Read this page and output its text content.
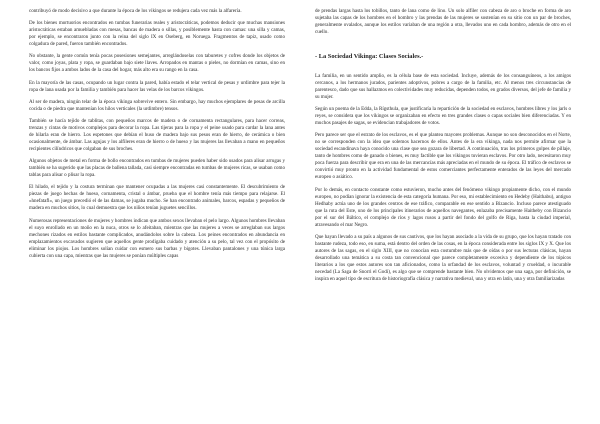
contribuyó de modo decisivo a que durante la época de los vikingos se redujera cada vez más la alfarería.

De los bienes mortuorios encontrados en tumbas funerarias reales y aristocráticas, podemos deducir que muchas mansiones aristocráticas estaban amuebladas con mesas, bancas de madera o sillas, y posiblemente hasta con camas: una silla y camas, por ejemplo, se encontraron junto con la reina del siglo IX en Oseberg, en Noruega. Fragmentos de tapiz, usado como colgadura de pared, fueron también encontrados.

No obstante, la gente común tenía pocas posesiones semejantes, arreglándoselas con taburetes y cofres donde los objetos de valor, como joyas, plata y ropa, se guardaban bajo siete llaves. Arropados en mantas o pieles, no dormían en camas, sino en los bancos fijos a ambos lados de la casa del hogar, más alto era su rango en la casa.

En la mayoría de las casas, ocupando un lugar contra la pared, había estado el telar vertical de pesas y urdimbre para tejer la ropa de lana usada por la familia y también para hacer las velas de los barcos vikingos.

Al ser de madera, ningún telar de la época vikinga sobrevive entero. Sin embargo, hay muchos ejemplares de pesas de arcilla cocida o de piedra que mantenían los hilos verticales (la urdimbre) tensos.

También se hacía tejido de tablitas, con pequeños marcos de madera o de cornamenta rectangulares, para hacer correas, trenzas y cintas de motivos complejos para decorar la ropa. Las tijeras para la ropa y el peine usado para cardar la lana antes de hilarla eran de hierro. Los espetones que debían el huso de madera bajo sus pesos eran de hierro, de cerámica o bien ocasionalmente, de ámbar. Las agujas y los alfileres eran de hierro o de hueso y las mujeres las llevaban a mano en pequeños recipientes cilíndricos que colgaban de sus broches.

Algunos objetos de metal en forma de bollo encontrados en tumbas de mujeres pueden haber sido usados para alisar arrugas y también se ha sugerido que las placas de ballena tallada, casi siempre encontradas en tumbas de mujeres ricas, se usaban como tablas para alisar o plisar la ropa.

El hilado, el tejido y la costura terminan que mantener ocupadas a las mujeres casi constantemente. El descubrimiento de piezas de juego hechas de hueso, cornamenta, cristal o ámbar, prueba que el hombre tenía más tiempo para relajarse. El «hnefatafl», un juego precedió el de las damas, se jugaba mucho. Se han encontrado animales, barcos, espadas y pequeños de madera en muchos sitios, lo cual demuestra que los niños tenían juguetes sencillos.

Numerosas representaciones de mujeres y hombres indican que ambos sexos llevaban el pelo largo. Algunos hombres llevaban el suyo enrollado en un moño en la nuca, otros se lo afeitaban, mientras que las mujeres a veces se arreglaban sus largos mechones rizados en estilos bastante complicados, anudándolos sobre la cabeza. Los peines encontrados en abundancia en emplazamientos excavados sugieren que aquellos gente prodigaba cuidado y atención a su pelo, tal vez con el propósito de eliminar los piojos. Los hombres solían cuidar con esmero sus barbas y bigotes. Llevaban pantalones y una túnica larga cubierta con una capa, mientras que las mujeres se ponían múltiples capas

de prendas largas hasta los tobillos, tanto de lana como de lino. Un solo alfiler con cabeza de aro o broche en forma de aro sujetaba las capas de los hombres en el hombro y las prendas de las mujeres se sostenían en su sitio con un par de broches, generalmente ovalados, aunque los estilos variaban de una región a otra, llevados uno en cada hombro, además de otro en el cuello.

- La Sociedad Vikinga: Clases Sociales.-

La familia, en un sentido amplio, es la célula base de esta sociedad. Incluye, además de los consanguíneos, a los amigos cercanos, a los hermanos jurados, parientes adoptivos, pobres a cargo de la familia, etc. Al menos tres circunstancias de parentesco, dado que sus hallazmos en colectividades muy reducidas, dependen todos, en grados diversos, del jefe de familia y su mujer.

Según un poema de la Edda, la Rígsthula, que justificaría la repartición de la sociedad en esclavos, hombres libres y los jarls o reyes, se considera que los vikingos se organizaban en efecto en tres grandes clases o capas sociales bien diferenciadas. Y en muchos pasajes de sagas, se evidencian trabajadores de votos.

Pero parece ser que el estrato de los esclavos, es el que plantea mayores problemas. Aunque no son desconocidos en el Norte, no se corresponden con la idea que solemos hacernos de ellos. Antes de la era vikinga, nada nos permite afirmar que la sociedad escandinava haya conocido una clase que sea gozara de libertad. A continuación, tras los primeros golpes de pillaje, tanto de hombres como de ganado o bienes, es muy factible que los vikingos tuvieran esclavos. Por otro lado, necesitaron muy poca fuerza para describir que era en una de las mercancías más apreciadas en el mundo de su época. El tráfico de esclavos se convirtió muy pronto en la actividad fundamental de estos comerciantes perfectamente enterados de las leyes del mercado europeo o asiático.

Por lo demás, en contacto constante como estuvieron, mucho antes del fenómeno vikingo propiamente dicho, con el mundo europeo, no podían ignorar la existencia de esta categoría humana. Por eso, mi establecimiento en Hedeby (Haithabu), antiguo Hedhaby actúa uno de los grandes centros de ese tráfico, comparable en ese sentido a Bizancio. Incluso parece atestiguado que la ruta del Este, uno de los principales itinerarios de aquellos navegantes, enlazaba precisamente Haitheby con Bizancio por el sur del Báltico, el complejo de ríos y lagos rusos a partir del fondo del golfo de Riga, hasta la ciudad imperial, atravesando el mar Negro.

Que hayan llevado a su país a algunos de sus cautivos, que los hayan asociado a la vida de su grupo, que los hayan tratado con bastante rudeza, todo eso, en suma, está dentro del orden de las cosas, en la época considerada entre los siglos IX y X. Que los autores de las sagas, en el siglo XIII, que no conocían esta costumbre más que de oídas o por sus lecturas clásicas, hayan desarrollado una temática a su costa tan convencional que parece completamente excesiva y dependiente de los tópicos literarios a los que estos autores son tan aficionados, como la orfandad de los esclavos, voluntad y crueldad, o incurable necedad (La Saga de Snorri el Godi), es algo que se comprende bastante bien. No olvidemos que una saga, por definición, se inspira en aquel tipo de escritura de historiografía clásica y narrativa medieval, una y otra en latín, una y otra familiarizadas
